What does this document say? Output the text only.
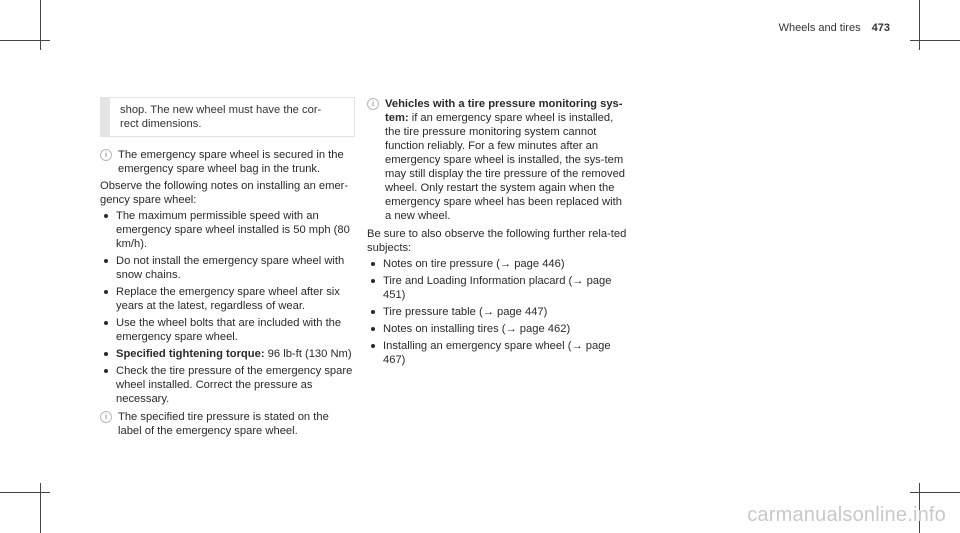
Wheels and tires 473
shop. The new wheel must have the cor-
rect dimensions.
i The emergency spare wheel is secured in the emergency spare wheel bag in the trunk.

Observe the following notes on installing an emer-gency spare wheel:

The maximum permissible speed with an emergency spare wheel installed is 50 mph (80 km/h).
Do not install the emergency spare wheel with snow chains.
Replace the emergency spare wheel after six years at the latest, regardless of wear.
Use the wheel bolts that are included with the emergency spare wheel.
Specified tightening torque: 96 lb-ft (130 Nm)
Check the tire pressure of the emergency spare wheel installed. Correct the pressure as necessary.
i The specified tire pressure is stated on the label of the emergency spare wheel.
i Vehicles with a tire pressure monitoring sys-tem: if an emergency spare wheel is installed, the tire pressure monitoring system cannot function reliably. For a few minutes after an emergency spare wheel is installed, the sys-tem may still display the tire pressure of the removed wheel. Only restart the system again when the emergency spare wheel has been replaced with a new wheel.

Be sure to also observe the following further rela-ted subjects:

Notes on tire pressure (→ page 446)
Tire and Loading Information placard (→ page 451)
Tire pressure table (→ page 447)
Notes on installing tires (→ page 462)
Installing an emergency spare wheel (→ page 467)
carmanualsonline.info
